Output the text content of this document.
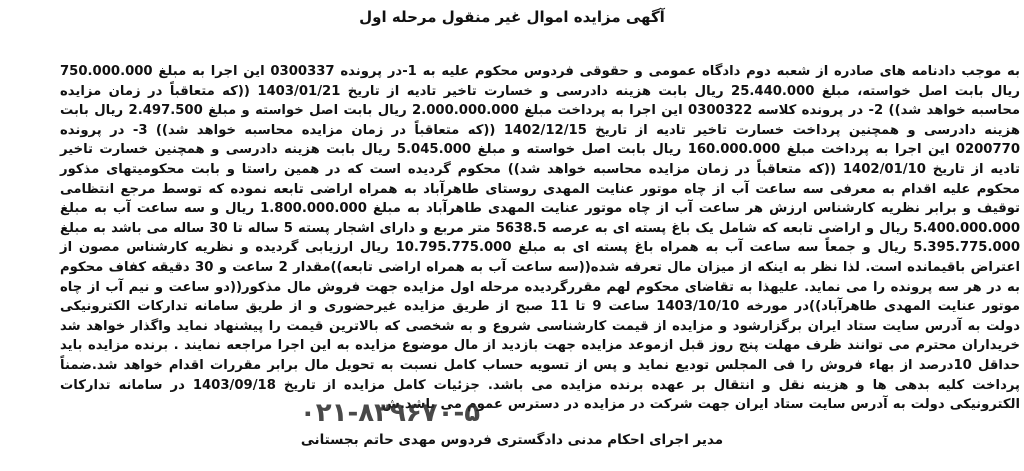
آگهی مزایده اموال غیر منقول مرحله اول
به موجب دادنامه های صادره از شعبه دوم دادگاه عمومی و حقوقی فردوس محکوم علیه به 1-در پرونده 0300337 این اجرا به مبلغ 750.000.000 ریال بابت اصل خواسته، مبلغ 25.440.000 ریال بابت هزینه دادرسی و خسارت تاخیر تادیه از تاریخ 1403/01/21 ((که متعاقباً در زمان مزایده محاسبه خواهد شد)) 2- در پرونده کلاسه 0300322 این اجرا به پرداخت مبلغ 2.000.000.000 ریال بابت اصل خواسته و مبلغ 2.497.500 ریال بابت هزینه دادرسی و همچنین پرداخت خسارت تاخیر تادیه از تاریخ 1402/12/15 ((که متعاقباً در زمان مزایده محاسبه خواهد شد)) 3- در پرونده 0200770 این اجرا به پرداخت مبلغ 160.000.000 ریال بابت اصل خواسته و مبلغ 5.045.000 ریال بابت هزینه دادرسی و همچنین خسارت تاخیر تادیه از تاریخ 1402/01/10 ((که متعاقباً در زمان مزایده محاسبه خواهد شد)) محکوم گردیده است که در همین راستا و بابت محکومیتهای مذکور محکوم علیه اقدام به معرفی سه ساعت آب از چاه موتور عنایت المهدی روستای طاهرآباد به همراه اراضی تابعه نموده که توسط مرجع انتظامی توقیف و برابر نظریه کارشناس ارزش هر ساعت آب از چاه موتور عنایت المهدی طاهرآباد به مبلغ 1.800.000.000 ریال و سه ساعت آب به مبلغ 5.400.000.000 ریال و اراضی تابعه که شامل یک باغ پسته ای به عرصه 5638.5 متر مربع و دارای اشجار پسته 5 ساله تا 30 ساله می باشد به مبلغ 5.395.775.000 ریال و جمعاً سه ساعت آب به همراه باغ پسته ای به مبلغ 10.795.775.000 ریال ارزیابی گردیده و نظریه کارشناس مصون از اعتراض باقیمانده است. لذا نظر به اینکه از میزان مال تعرفه شده((سه ساعت آب به همراه اراضی تابعه))مقدار 2 ساعت و 30 دقیقه کفاف محکوم به در هر سه پرونده را می نماید. علیهذا به تقاضای محکوم لهم مقررگردیده مرحله اول مزایده جهت فروش مال مذکور((دو ساعت و نیم آب از چاه موتور عنایت المهدی طاهرآباد))در مورخه 1403/10/10 ساعت 9 تا 11 صبح از طریق مزایده غیرحضوری و از طریق سامانه تدارکات الکترونیکی دولت به آدرس سایت ستاد ایران برگزارشود و مزایده از قیمت کارشناسی شروع و به شخصی که بالاترین قیمت را پیشنهاد نماید واگذار خواهد شد خریداران محترم می توانند ظرف مهلت پنج روز قبل ازموعد مزایده جهت بازدید از مال موضوع مزایده به این اجرا مراجعه نمایند . برنده مزایده باید حداقل 10درصد از بهاء فروش را فی المجلس تودیع نماید و پس از تسویه حساب کامل نسبت به تحویل مال برابر مقررات اقدام خواهد شد.ضمناً پرداخت کلیه بدهی ها و هزینه نقل و انتقال بر عهده برنده مزایده می باشد. جزئیات کامل مزایده از تاریخ 1403/09/18 در سامانه تدارکات الکترونیکی دولت به آدرس سایت ستاد ایران جهت شرکت در مزایده در دسترس عموم می باشد.ش
۰۲۱-۸۳۹۶۷۰-۵
مدیر اجرای احکام مدنی دادگستری فردوس مهدی حاتم بجستانی
